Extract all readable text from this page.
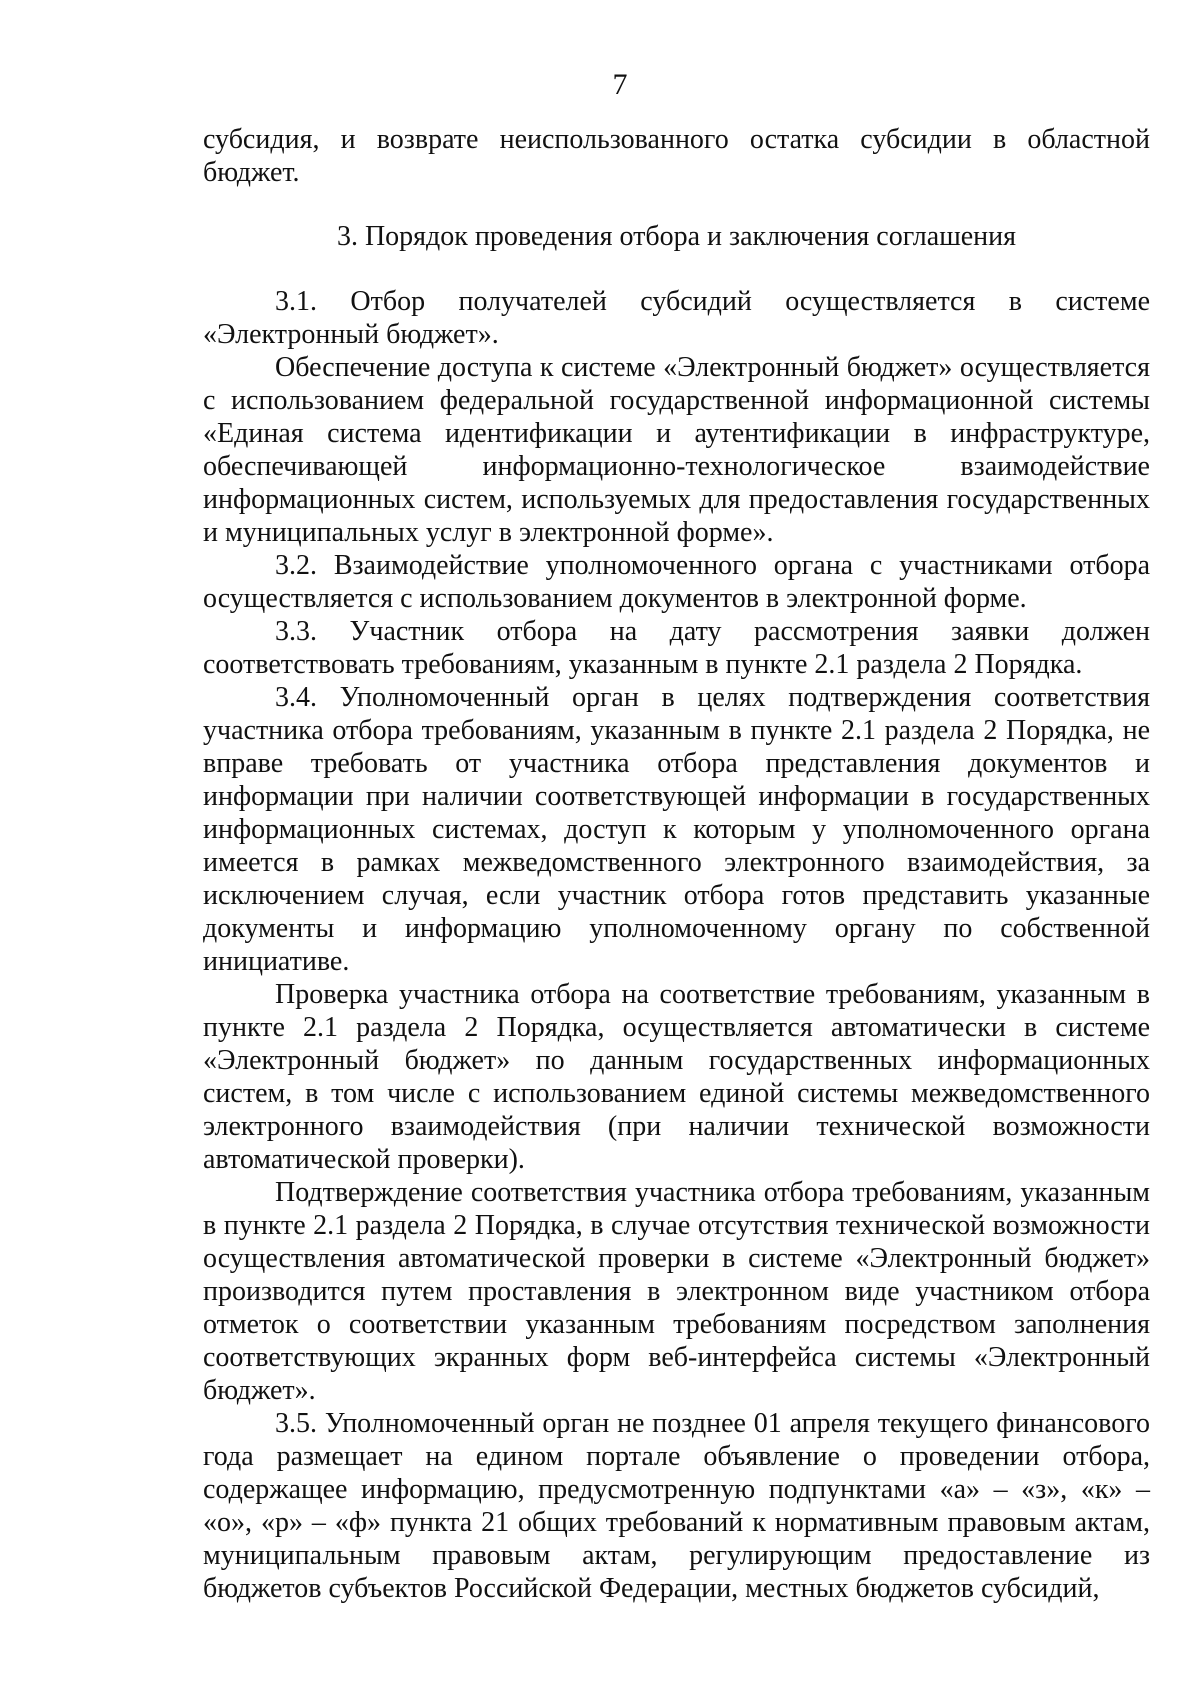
7

субсидия, и возврате неиспользованного остатка субсидии в областной бюджет.

3. Порядок проведения отбора и заключения соглашения

3.1. Отбор получателей субсидий осуществляется в системе «Электронный бюджет».

Обеспечение доступа к системе «Электронный бюджет» осуществляется с использованием федеральной государственной информационной системы «Единая система идентификации и аутентификации в инфраструктуре, обеспечивающей информационно-технологическое взаимодействие информационных систем, используемых для предоставления государственных и муниципальных услуг в электронной форме».

3.2. Взаимодействие уполномоченного органа с участниками отбора осуществляется с использованием документов в электронной форме.

3.3. Участник отбора на дату рассмотрения заявки должен соответствовать требованиям, указанным в пункте 2.1 раздела 2 Порядка.

3.4. Уполномоченный орган в целях подтверждения соответствия участника отбора требованиям, указанным в пункте 2.1 раздела 2 Порядка, не вправе требовать от участника отбора представления документов и информации при наличии соответствующей информации в государственных информационных системах, доступ к которым у уполномоченного органа имеется в рамках межведомственного электронного взаимодействия, за исключением случая, если участник отбора готов представить указанные документы и информацию уполномоченному органу по собственной инициативе.

Проверка участника отбора на соответствие требованиям, указанным в пункте 2.1 раздела 2 Порядка, осуществляется автоматически в системе «Электронный бюджет» по данным государственных информационных систем, в том числе с использованием единой системы межведомственного электронного взаимодействия (при наличии технической возможности автоматической проверки).

Подтверждение соответствия участника отбора требованиям, указанным в пункте 2.1 раздела 2 Порядка, в случае отсутствия технической возможности осуществления автоматической проверки в системе «Электронный бюджет» производится путем проставления в электронном виде участником отбора отметок о соответствии указанным требованиям посредством заполнения соответствующих экранных форм веб-интерфейса системы «Электронный бюджет».

3.5. Уполномоченный орган не позднее 01 апреля текущего финансового года размещает на едином портале объявление о проведении отбора, содержащее информацию, предусмотренную подпунктами «а» – «з», «к» – «о», «р» – «ф» пункта 21 общих требований к нормативным правовым актам, муниципальным правовым актам, регулирующим предоставление из бюджетов субъектов Российской Федерации, местных бюджетов субсидий,
